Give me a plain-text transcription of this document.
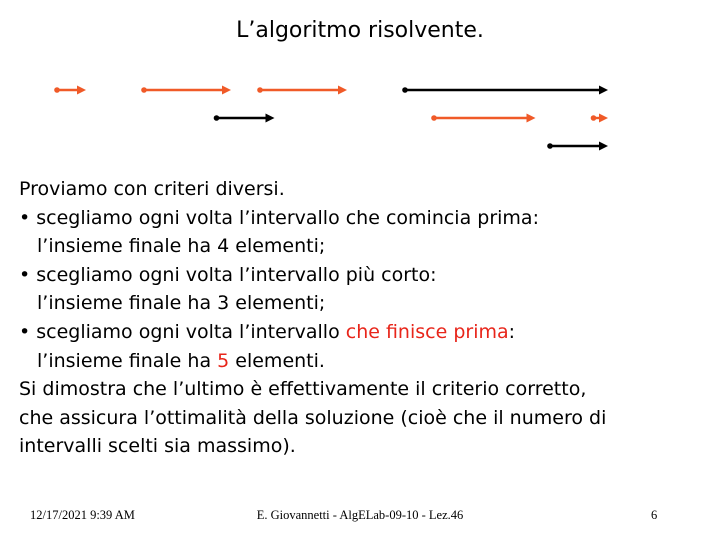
L’algoritmo risolvente.
Proviamo con criteri diversi.
• scegliamo ogni volta l’intervallo che comincia prima:
l’insieme finale ha 4 elementi;
• scegliamo ogni volta l’intervallo più corto:
l’insieme finale ha 3 elementi;
• scegliamo ogni volta l’intervallo che finisce prima:
l’insieme finale ha 5 elementi.
Si dimostra che l’ultimo è effettivamente il criterio corretto,
che assicura l’ottimalità della soluzione (cioè che il numero di
intervalli scelti sia massimo).
12/17/2021 9:39 AM	E. Giovannetti - AlgELab-09-10 - Lez.46	6
